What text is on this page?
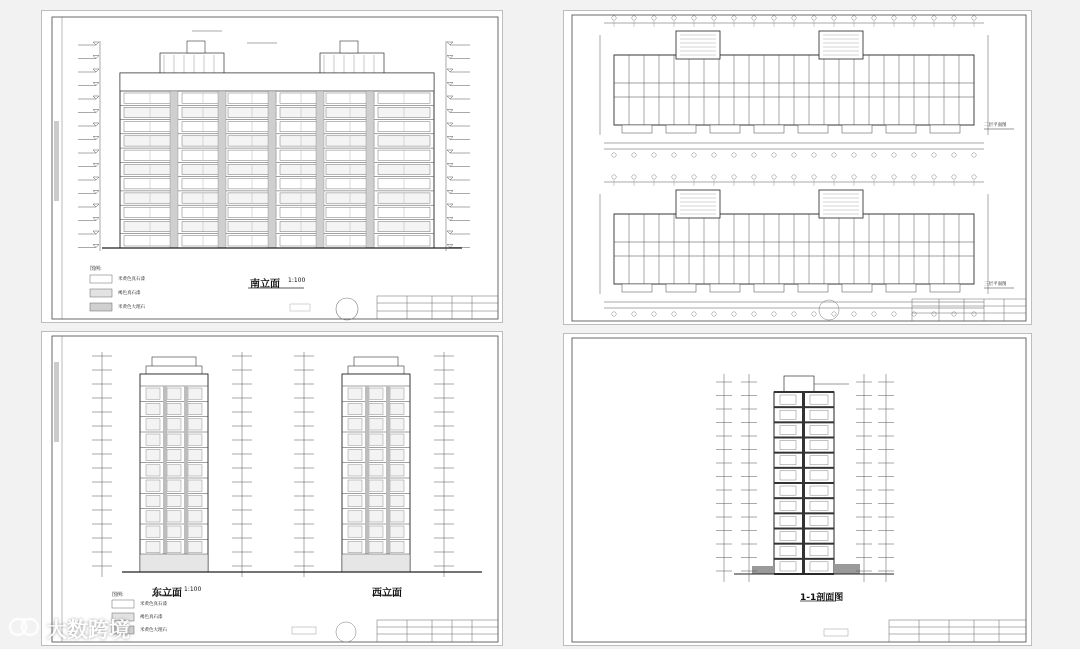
南立面 1:100
图例:
米黄色真石漆
褐色真石漆
米黄色大理石
二层平面图
三层平面图
东立面 1:100	西立面
图例:
米黄色真石漆
褐色真石漆
米黄色大理石
1-1剖面图
大数跨境
